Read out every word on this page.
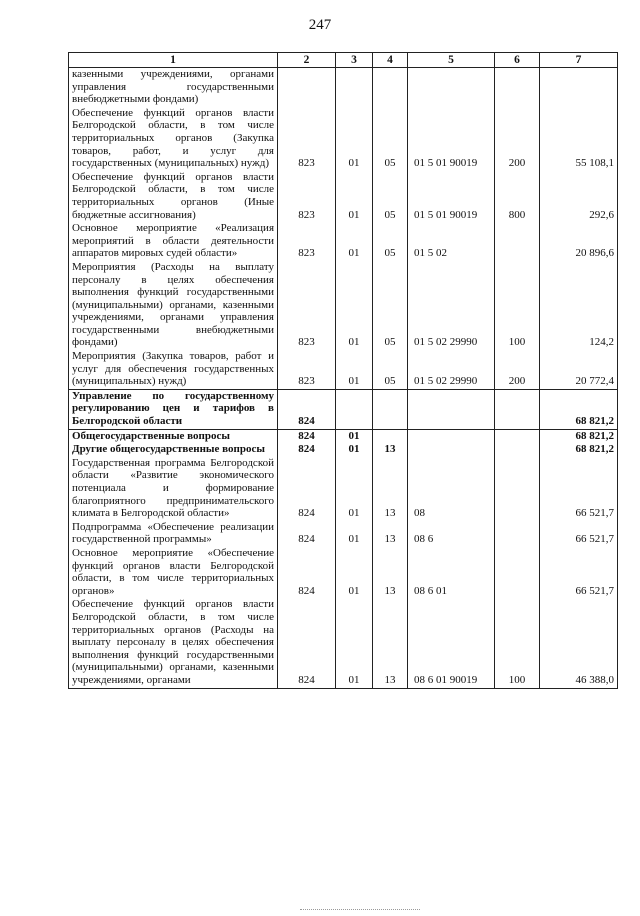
247
1	2	3	4	5	6	7
казенными учреждениями, органами управления государственными внебюджетными фондами)						
Обеспечение функций органов власти Белгородской области, в том числе территориальных органов (Закупка товаров, работ, и услуг для государственных (муниципальных) нужд)	823	01	05	01 5 01 90019	200	55 108,1
Обеспечение функций органов власти Белгородской области, в том числе территориальных органов (Иные бюджетные ассигнования)	823	01	05	01 5 01 90019	800	292,6
Основное мероприятие «Реализация мероприятий в области деятельности аппаратов мировых судей области»	823	01	05	01 5 02		20 896,6
Мероприятия (Расходы на выплату персоналу в целях обеспечения выполнения функций государственными (муниципальными) органами, казенными учреждениями, органами управления государственными внебюджетными фондами)	823	01	05	01 5 02 29990	100	124,2
Мероприятия (Закупка товаров, работ и услуг для обеспечения государственных (муниципальных) нужд)	823	01	05	01 5 02 29990	200	20 772,4
Управление по государственному регулированию цен и тарифов в Белгородской области	824					68 821,2
Общегосударственные вопросы	824	01				68 821,2
Другие общегосударственные вопросы	824	01	13			68 821,2
Государственная программа Белгородской области «Развитие экономического потенциала и формирование благоприятного предпринимательского климата в Белгородской области»	824	01	13	08		66 521,7
Подпрограмма «Обеспечение реализации государственной программы»	824	01	13	08 6		66 521,7
Основное мероприятие «Обеспечение функций органов власти Белгородской области, в том числе территориальных органов»	824	01	13	08 6 01		66 521,7
Обеспечение функций органов власти Белгородской области, в том числе территориальных органов (Расходы на выплату персоналу в целях обеспечения выполнения функций государственными (муниципальными) органами, казенными учреждениями, органами	824	01	13	08 6 01 90019	100	46 388,0
